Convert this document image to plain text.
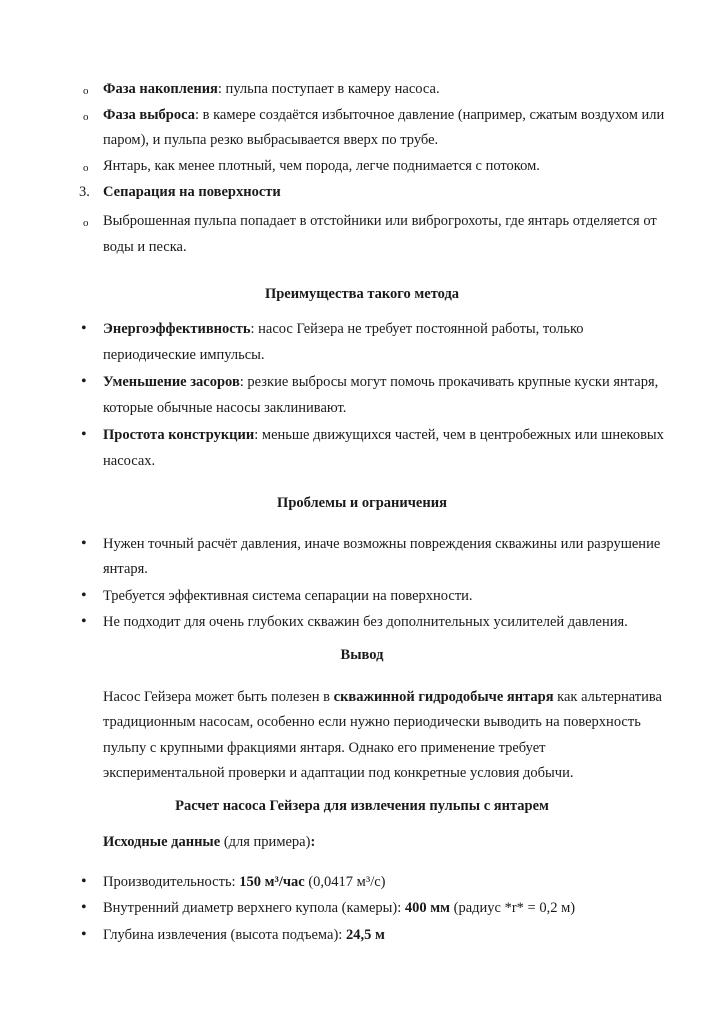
o Фаза накопления: пульпа поступает в камеру насоса.
o Фаза выброса: в камере создаётся избыточное давление (например, сжатым воздухом или
паром), и пульпа резко выбрасывается вверх по трубе.
o Янтарь, как менее плотный, чем порода, легче поднимается с потоком.
3. Сепарация на поверхности
o Выброшенная пульпа попадает в отстойники или виброгрохоты, где янтарь отделяется от
воды и песка.
Преимущества такого метода
• Энергоэффективность: насос Гейзера не требует постоянной работы, только
периодические импульсы.
• Уменьшение засоров: резкие выбросы могут помочь прокачивать крупные куски янтаря,
которые обычные насосы заклинивают.
• Простота конструкции: меньше движущихся частей, чем в центробежных или шнековых
насосах.
Проблемы и ограничения
• Нужен точный расчёт давления, иначе возможны повреждения скважины или разрушение
янтаря.
• Требуется эффективная система сепарации на поверхности.
• Не подходит для очень глубоких скважин без дополнительных усилителей давления.
Вывод
Насос Гейзера может быть полезен в скважинной гидродобыче янтаря как альтернатива
традиционным насосам, особенно если нужно периодически выводить на поверхность
пульпу с крупными фракциями янтаря. Однако его применение требует
экспериментальной проверки и адаптации под конкретные условия добычи.
Расчет насоса Гейзера для извлечения пульпы с янтарем
Исходные данные (для примера):
• Производительность: 150 м³/час (0,0417 м³/с)
• Внутренний диаметр верхнего купола (камеры): 400 мм (радиус *r* = 0,2 м)
• Глубина извлечения (высота подъема): 24,5 м
